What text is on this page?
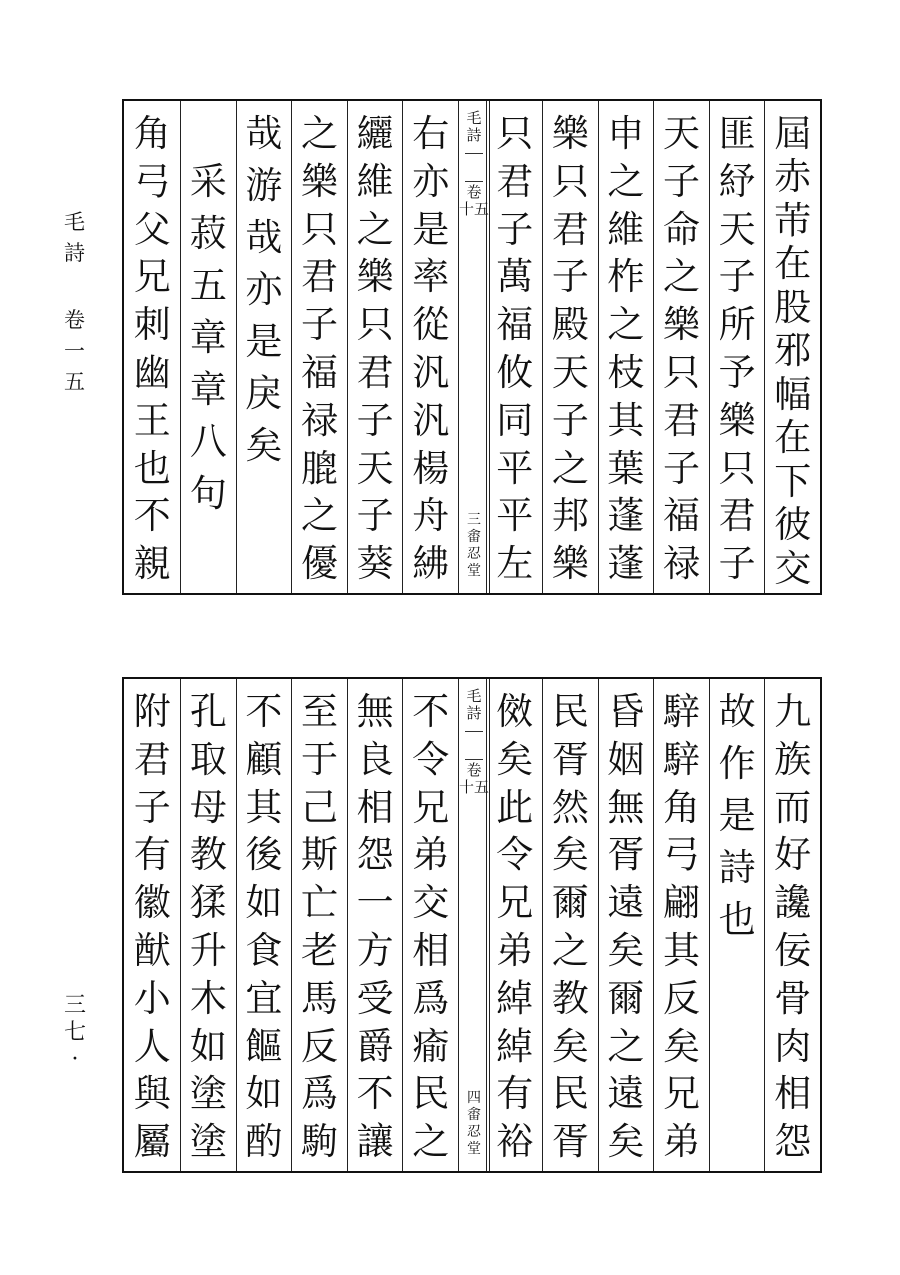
毛
詩
卷
一
五
三
七
·
屆
赤
芾
在
股
邪
幅
在
下
彼
交
匪
紓
天
子
所
予
樂
只
君
子
天
子
命
之
樂
只
君
子
福
禄
申
之
維
柞
之
枝
其
葉
蓬
蓬
樂
只
君
子
殿
天
子
之
邦
樂
只
君
子
萬
福
攸
同
平
平
左
毛
詩
卷
十五
三
畬
忍
堂
右
亦
是
率
從
汎
汎
楊
舟
紼
纚
維
之
樂
只
君
子
天
子
葵
之
樂
只
君
子
福
禄
膍
之
優
哉
游
哉
亦
是
戾
矣
采
菽
五
章
章
八
句
角
弓
父
兄
刺
幽
王
也
不
親
九
族
而
好
讒
佞
骨
肉
相
怨
故
作
是
詩
也
騂
騂
角
弓
翩
其
反
矣
兄
弟
昏
姻
無
胥
遠
矣
爾
之
遠
矣
民
胥
然
矣
爾
之
教
矣
民
胥
傚
矣
此
令
兄
弟
綽
綽
有
裕
毛
詩
卷
十五
四
畬
忍
堂
不
令
兄
弟
交
相
爲
瘉
民
之
無
良
相
怨
一
方
受
爵
不
讓
至
于
己
斯
亡
老
馬
反
爲
駒
不
顧
其
後
如
食
宜
饇
如
酌
孔
取
母
教
猱
升
木
如
塗
塗
附
君
子
有
徽
猷
小
人
與
屬
